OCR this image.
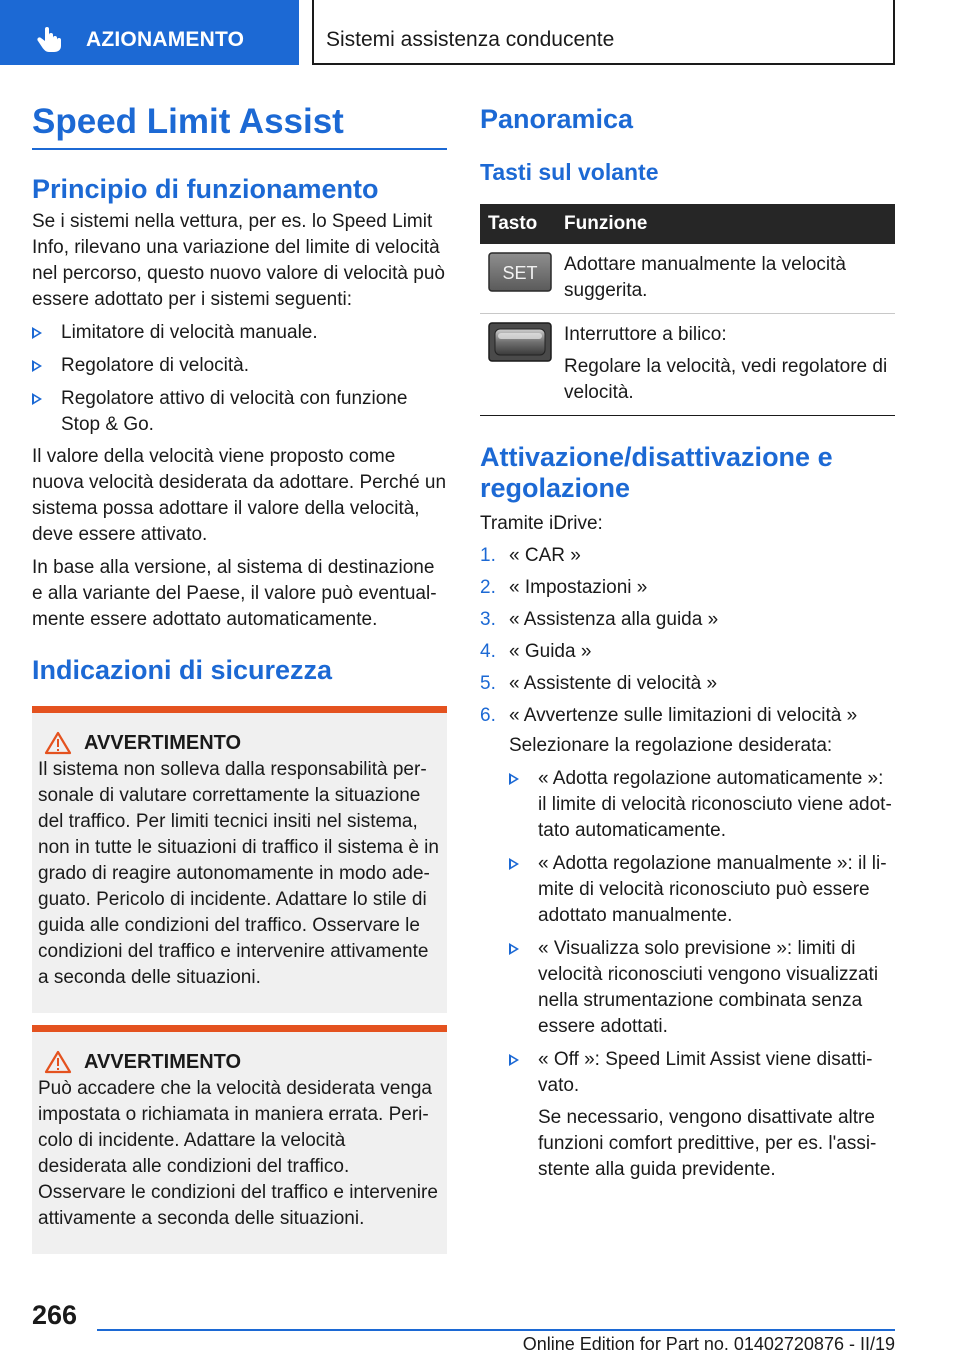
AZIONAMENTO	Sistemi assistenza conducente
Speed Limit Assist
Principio di funzionamento

Se i sistemi nella vettura, per es. lo Speed Limit Info, rilevano una variazione del limite di velocità nel percorso, questo nuovo valore di velocità può essere adottato per i sistemi seguenti:

Limitatore di velocità manuale.
Regolatore di velocità.
Regolatore attivo di velocità con funzione Stop & Go.

Il valore della velocità viene proposto come nuova velocità desiderata da adottare. Perché un sistema possa adottare il valore della velocità, deve essere attivato.

In base alla versione, al sistema di destinazione e alla variante del Paese, il valore può eventualmente essere adottato automaticamente.

Indicazioni di sicurezza
AVVERTIMENTO

Il sistema non solleva dalla responsabilità personale di valutare correttamente la situazione del traffico. Per limiti tecnici insiti nel sistema, non in tutte le situazioni di traffico il sistema è in grado di reagire autonomamente in modo adeguato. Pericolo di incidente. Adattare lo stile di guida alle condizioni del traffico. Osservare le condizioni del traffico e intervenire attivamente a seconda delle situazioni.

AVVERTIMENTO

Può accadere che la velocità desiderata venga impostata o richiamata in maniera errata. Pericolo di incidente. Adattare la velocità desiderata alle condizioni del traffico. Osservare le condizioni del traffico e intervenire attivamente a seconda delle situazioni.

Panoramica
Tasti sul volante
Tasto	Funzione

SET	Adottare manualmente la velocità suggerita.

Interruttore a bilico:

Regolare la velocità, vedi regolatore di velocità.

Attivazione/disattivazione e regolazione

Tramite iDrive:

1. « CAR »
2. « Impostazioni »
3. « Assistenza alla guida »
4. « Guida »
5. « Assistente di velocità »
6. « Avvertenze sulle limitazioni di velocità »

Selezionare la regolazione desiderata:

« Adotta regolazione automaticamente »: il limite di velocità riconosciuto viene adottato automaticamente.
« Adotta regolazione manualmente »: il limite di velocità riconosciuto può essere adottato manualmente.
« Visualizza solo previsione »: limiti di velocità riconosciuti vengono visualizzati nella strumentazione combinata senza essere adottati.
« Off »: Speed Limit Assist viene disattivato.

Se necessario, vengono disattivate altre funzioni comfort predittive, per es. l'assistente alla guida previdente.

266
Online Edition for Part no. 01402720876 - II/19
